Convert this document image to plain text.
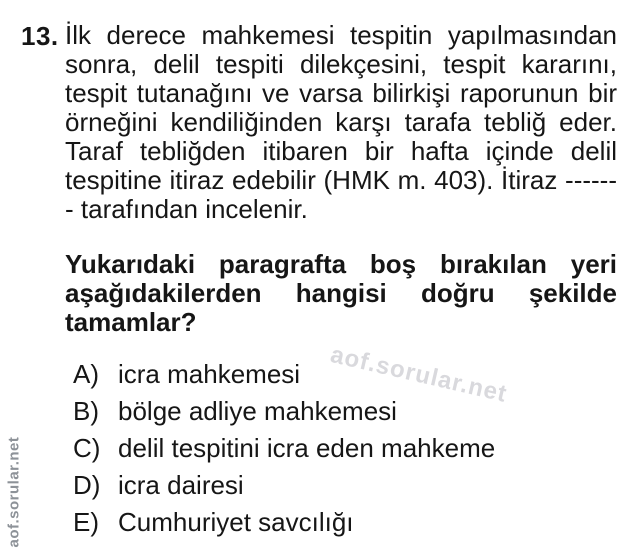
aof.sorular.net
aof.sorular.net
13. İlk derece mahkemesi tespitin yapılmasından sonra, delil tespiti dilekçesini, tespit kararını, tespit tutanağını ve varsa bilirkişi raporunun bir örneğini kendiliğinden karşı tarafa tebliğ eder. Taraf tebliğden itibaren bir hafta içinde delil tespitine itiraz edebilir (HMK m. 403). İtiraz ------- tarafından incelenir.

Yukarıdaki paragrafta boş bırakılan yeri aşağıdakilerden hangisi doğru şekilde tamamlar?

A) icra mahkemesi
B) bölge adliye mahkemesi
C) delil tespitini icra eden mahkeme
D) icra dairesi
E) Cumhuriyet savcılığı
